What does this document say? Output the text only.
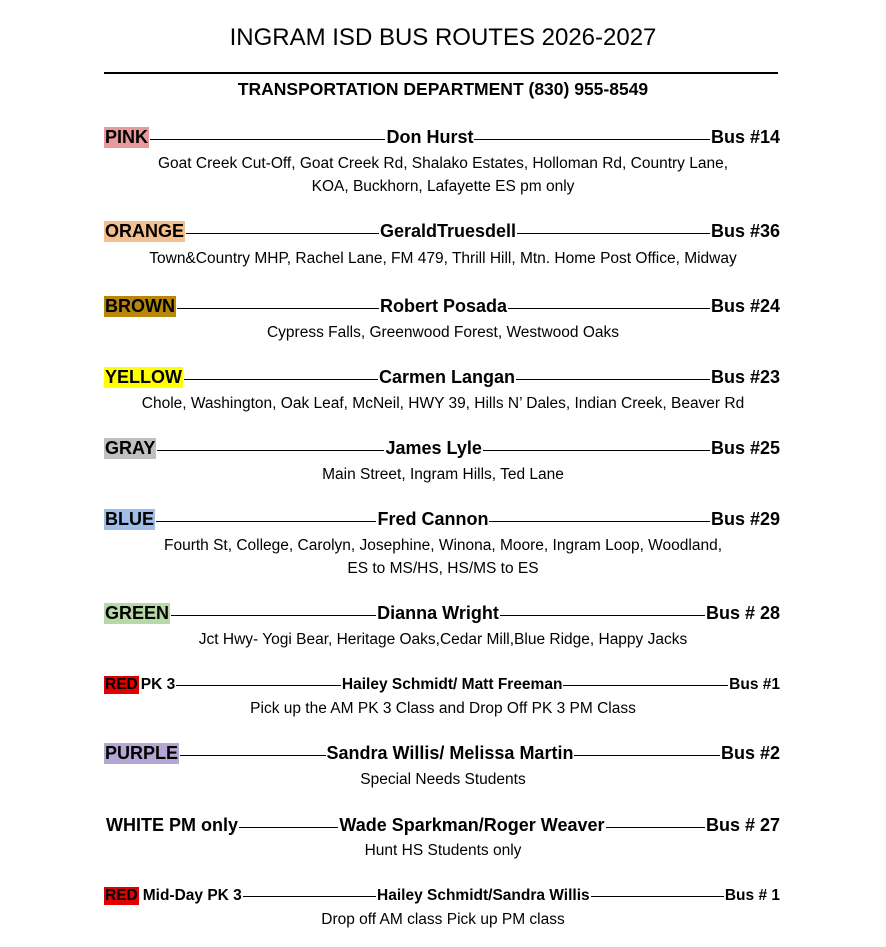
INGRAM ISD BUS ROUTES 2026-2027
TRANSPORTATION DEPARTMENT (830) 955-8549
PINK	Don Hurst	Bus #14
Goat Creek Cut-Off, Goat Creek Rd, Shalako Estates, Holloman Rd, Country Lane,
KOA, Buckhorn, Lafayette ES pm only
ORANGE	GeraldTruesdell	Bus #36
Town&Country MHP, Rachel Lane, FM 479, Thrill Hill, Mtn. Home Post Office, Midway
BROWN	Robert Posada	Bus #24
Cypress Falls, Greenwood Forest, Westwood Oaks
YELLOW	Carmen Langan	Bus #23
Chole, Washington, Oak Leaf, McNeil, HWY 39, Hills N’ Dales, Indian Creek, Beaver Rd
GRAY	James Lyle	Bus #25
Main Street, Ingram Hills, Ted Lane
BLUE	Fred Cannon	Bus #29
Fourth St, College, Carolyn, Josephine, Winona, Moore, Ingram Loop, Woodland,
ES to MS/HS, HS/MS to ES
GREEN	Dianna Wright	Bus # 28
Jct Hwy- Yogi Bear, Heritage Oaks,Cedar Mill,Blue Ridge, Happy Jacks
RED PK 3	Hailey Schmidt/ Matt Freeman	Bus #1
Pick up the AM PK 3 Class and Drop Off PK 3 PM Class
PURPLE	Sandra Willis/ Melissa Martin	Bus #2
Special Needs Students
WHITE PM only	Wade Sparkman/Roger Weaver	Bus # 27
Hunt HS Students only
RED Mid-Day PK 3	Hailey Schmidt/Sandra Willis	Bus # 1
Drop off AM class Pick up PM class
